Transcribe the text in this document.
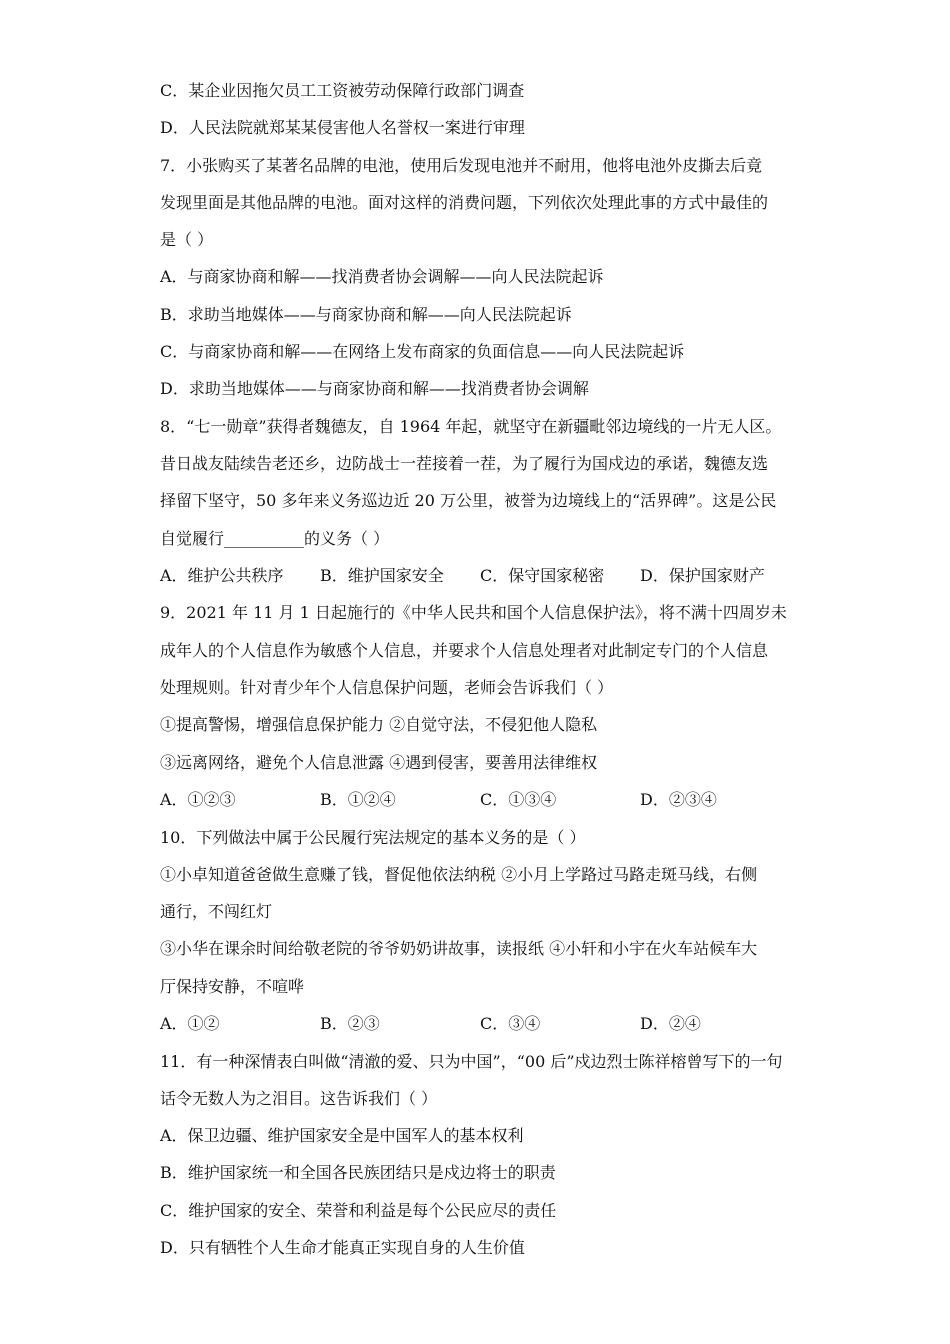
C．某企业因拖欠员工工资被劳动保障行政部门调查
D．人民法院就郑某某侵害他人名誉权一案进行审理
7．小张购买了某著名品牌的电池，使用后发现电池并不耐用，他将电池外皮撕去后竟
发现里面是其他品牌的电池。面对这样的消费问题，下列依次处理此事的方式中最佳的
是（ ）
A．与商家协商和解——找消费者协会调解——向人民法院起诉
B．求助当地媒体——与商家协商和解——向人民法院起诉
C．与商家协商和解——在网络上发布商家的负面信息——向人民法院起诉
D．求助当地媒体——与商家协商和解——找消费者协会调解
8．“七一勋章”获得者魏德友，自 1964 年起，就坚守在新疆毗邻边境线的一片无人区。
昔日战友陆续告老还乡，边防战士一茬接着一茬，为了履行为国戍边的承诺，魏德友选
择留下坚守，50 多年来义务巡边近 20 万公里，被誉为边境线上的“活界碑”。这是公民
自觉履行__________的义务（ ）
A．维护公共秩序	B．维护国家安全	C．保守国家秘密	D．保护国家财产
9．2021 年 11 月 1 日起施行的《中华人民共和国个人信息保护法》，将不满十四周岁未
成年人的个人信息作为敏感个人信息，并要求个人信息处理者对此制定专门的个人信息
处理规则。针对青少年个人信息保护问题，老师会告诉我们（ ）
①提高警惕，增强信息保护能力 ②自觉守法，不侵犯他人隐私
③远离网络，避免个人信息泄露 ④遇到侵害，要善用法律维权
A．①②③	B．①②④	C．①③④	D．②③④
10．下列做法中属于公民履行宪法规定的基本义务的是（ ）
①小卓知道爸爸做生意赚了钱，督促他依法纳税 ②小月上学路过马路走斑马线，右侧
通行，不闯红灯
③小华在课余时间给敬老院的爷爷奶奶讲故事，读报纸 ④小轩和小宇在火车站候车大
厅保持安静，不喧哗
A．①②	B．②③	C．③④	D．②④
11．有一种深情表白叫做“清澈的爱、只为中国”，“00 后”戍边烈士陈祥榕曾写下的一句
话令无数人为之泪目。这告诉我们（ ）
A．保卫边疆、维护国家安全是中国军人的基本权利
B．维护国家统一和全国各民族团结只是戍边将士的职责
C．维护国家的安全、荣誉和利益是每个公民应尽的责任
D．只有牺牲个人生命才能真正实现自身的人生价值
